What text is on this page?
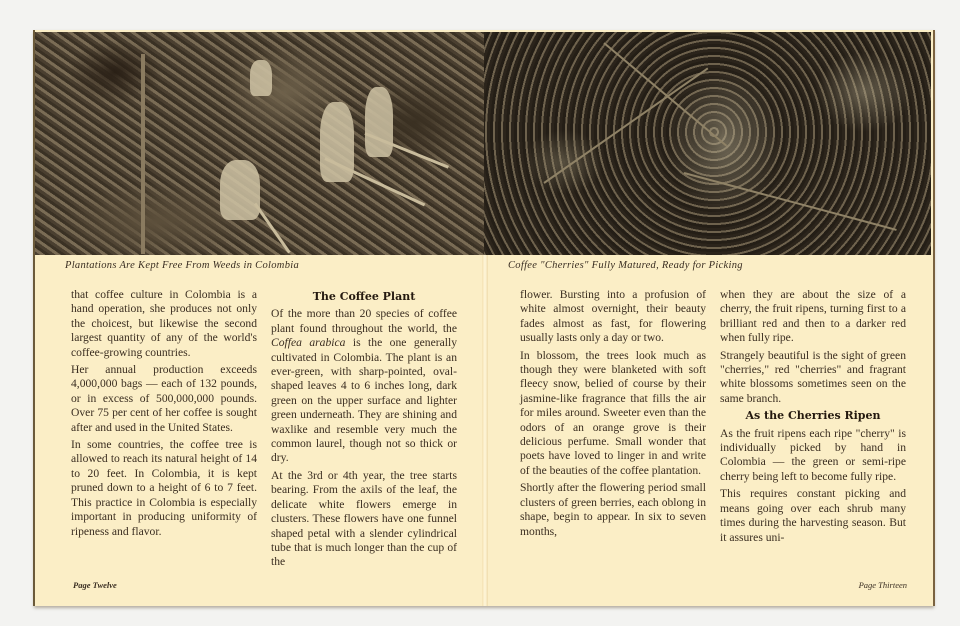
Plantations Are Kept Free From Weeds in Colombia

that coffee culture in Colombia is a hand operation, she produces not only the choicest, but likewise the second largest quantity of any of the world's coffee-growing countries.

Her annual production exceeds 4,000,000 bags — each of 132 pounds, or in excess of 500,000,000 pounds. Over 75 per cent of her coffee is sought after and used in the United States.

In some countries, the coffee tree is allowed to reach its natural height of 14 to 20 feet. In Colombia, it is kept pruned down to a height of 6 to 7 feet. This practice in Colombia is especially important in producing uniformity of ripeness and flavor.

The Coffee Plant

Of the more than 20 species of coffee plant found throughout the world, the Coffea arabica is the one generally cultivated in Colombia. The plant is an ever-green, with sharp-pointed, oval-shaped leaves 4 to 6 inches long, dark green on the upper surface and lighter green underneath. They are shining and waxlike and resemble very much the common laurel, though not so thick or dry.

At the 3rd or 4th year, the tree starts bearing. From the axils of the leaf, the delicate white flowers emerge in clusters. These flowers have one funnel shaped petal with a slender cylindrical tube that is much longer than the cup of the

Page Twelve
Coffee "Cherries" Fully Matured, Ready for Picking

flower. Bursting into a profusion of white almost overnight, their beauty fades almost as fast, for flowering usually lasts only a day or two.

In blossom, the trees look much as though they were blanketed with soft fleecy snow, belied of course by their jasmine-like fragrance that fills the air for miles around. Sweeter even than the odors of an orange grove is their delicious perfume. Small wonder that poets have loved to linger in and write of the beauties of the coffee plantation.

Shortly after the flowering period small clusters of green berries, each oblong in shape, begin to appear. In six to seven months,

when they are about the size of a cherry, the fruit ripens, turning first to a brilliant red and then to a darker red when fully ripe.

Strangely beautiful is the sight of green "cherries," red "cherries" and fragrant white blossoms sometimes seen on the same branch.

As the Cherries Ripen

As the fruit ripens each ripe "cherry" is individually picked by hand in Colombia — the green or semi-ripe cherry being left to become fully ripe.

This requires constant picking and means going over each shrub many times during the harvesting season. But it assures uni-

Page Thirteen
